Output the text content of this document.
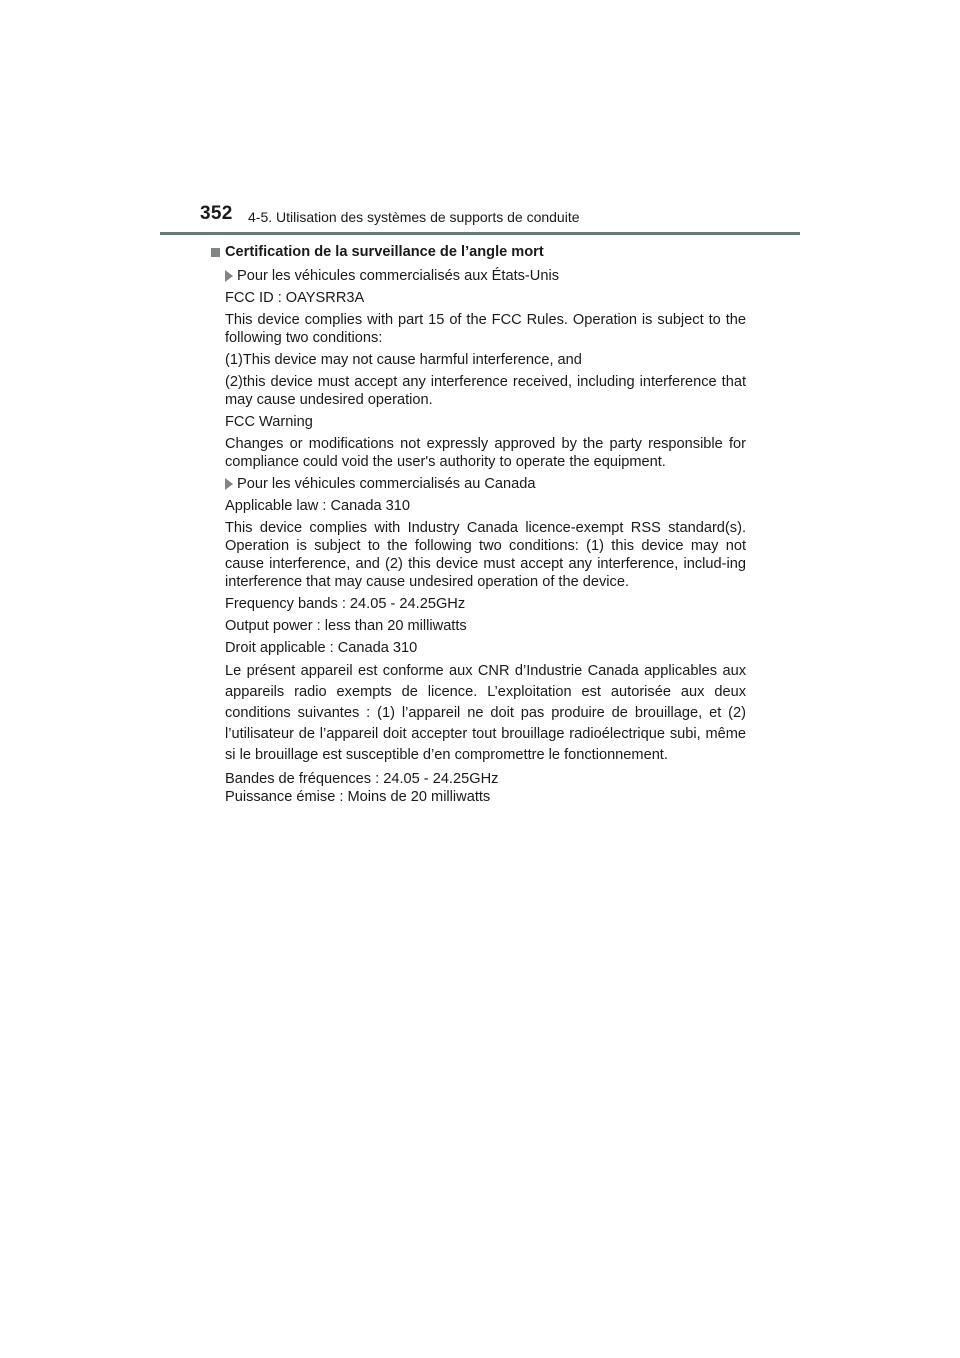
352 4-5. Utilisation des systèmes de supports de conduite
Certification de la surveillance de l’angle mort
Pour les véhicules commercialisés aux États-Unis

FCC ID : OAYSRR3A

This device complies with part 15 of the FCC Rules. Operation is subject to the following two conditions:

(1)This device may not cause harmful interference, and

(2)this device must accept any interference received, including interference that may cause undesired operation.

FCC Warning

Changes or modifications not expressly approved by the party responsible for compliance could void the user's authority to operate the equipment.

Pour les véhicules commercialisés au Canada

Applicable law : Canada 310

This device complies with Industry Canada licence-exempt RSS standard(s). Operation is subject to the following two conditions: (1) this device may not cause interference, and (2) this device must accept any interference, includ-ing interference that may cause undesired operation of the device.

Frequency bands : 24.05 - 24.25GHz

Output power : less than 20 milliwatts

Droit applicable : Canada 310

Le présent appareil est conforme aux CNR d’Industrie Canada applicables aux appareils radio exempts de licence. L’exploitation est autorisée aux deux conditions suivantes : (1) l’appareil ne doit pas produire de brouillage, et (2) l’utilisateur de l’appareil doit accepter tout brouillage radioélectrique subi, même si le brouillage est susceptible d’en compromettre le fonctionnement.

Bandes de fréquences : 24.05 - 24.25GHz

Puissance émise : Moins de 20 milliwatts
